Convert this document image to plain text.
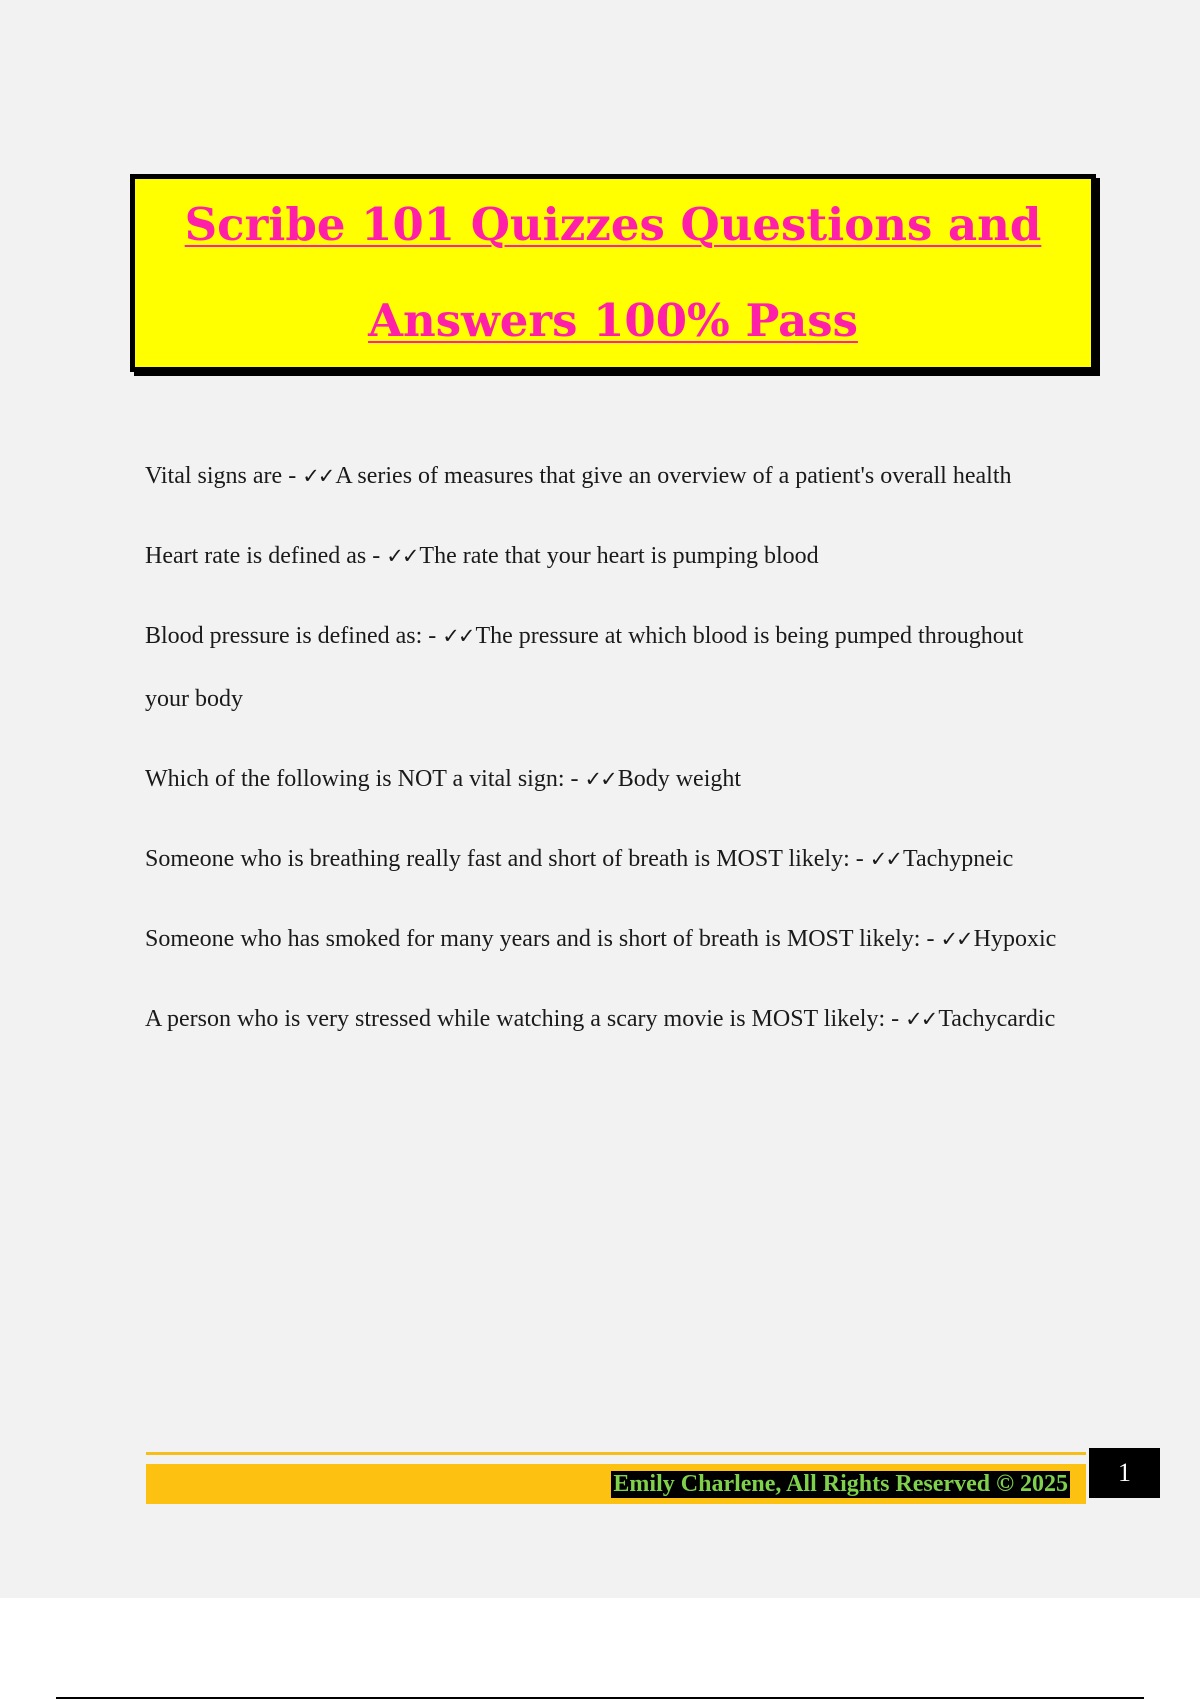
Scribe 101 Quizzes Questions and
Answers 100% Pass
Vital signs are - ✓✓A series of measures that give an overview of a patient's overall health
Heart rate is defined as - ✓✓The rate that your heart is pumping blood
Blood pressure is defined as: - ✓✓The pressure at which blood is being pumped throughout your body
Which of the following is NOT a vital sign: - ✓✓Body weight
Someone who is breathing really fast and short of breath is MOST likely: - ✓✓Tachypneic
Someone who has smoked for many years and is short of breath is MOST likely: - ✓✓Hypoxic
A person who is very stressed while watching a scary movie is MOST likely: - ✓✓Tachycardic
Emily Charlene, All Rights Reserved © 2025	1
